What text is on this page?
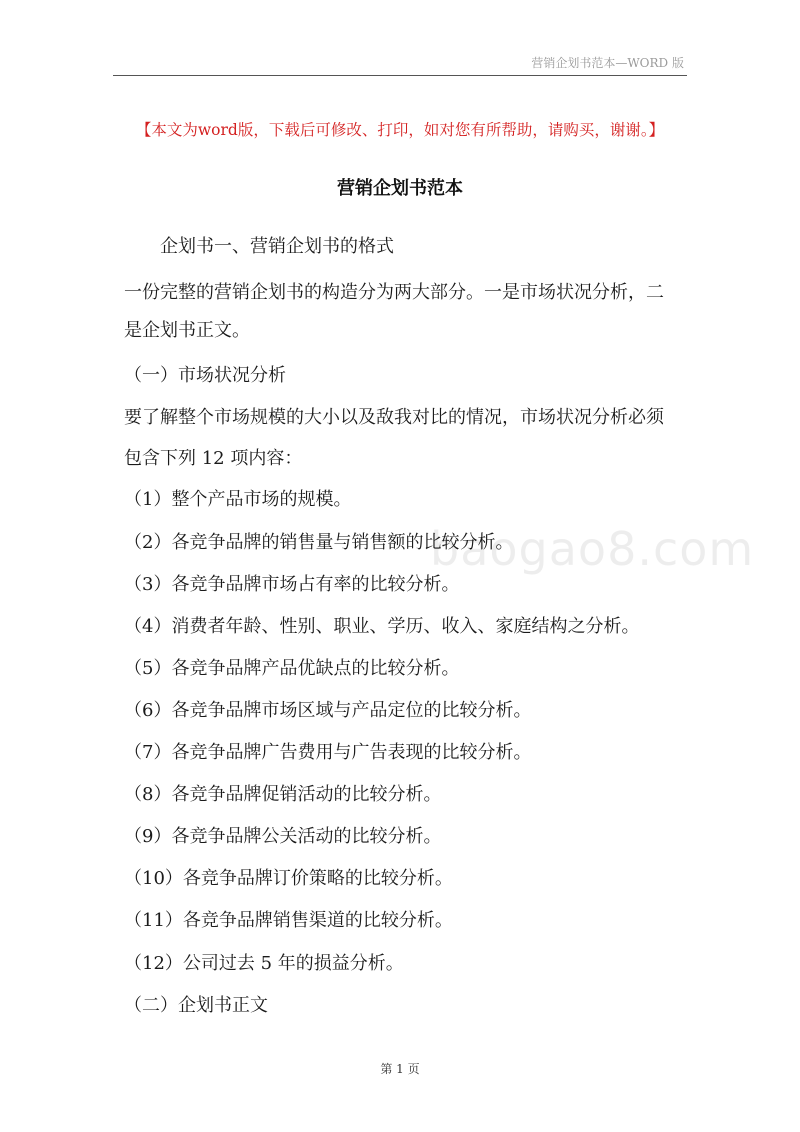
营销企划书范本—WORD 版
【本文为word版，下载后可修改、打印，如对您有所帮助，请购买，谢谢。】
营销企划书范本
企划书一、营销企划书的格式
一份完整的营销企划书的构造分为两大部分。一是市场状况分析，二
是企划书正文。
（一）市场状况分析
要了解整个市场规模的大小以及敌我对比的情况，市场状况分析必须
包含下列 12 项内容：
（1）整个产品市场的规模。
（2）各竞争品牌的销售量与销售额的比较分析。
（3）各竞争品牌市场占有率的比较分析。
（4）消费者年龄、性别、职业、学历、收入、家庭结构之分析。
（5）各竞争品牌产品优缺点的比较分析。
（6）各竞争品牌市场区域与产品定位的比较分析。
（7）各竞争品牌广告费用与广告表现的比较分析。
（8）各竞争品牌促销活动的比较分析。
（9）各竞争品牌公关活动的比较分析。
（10）各竞争品牌订价策略的比较分析。
（11）各竞争品牌销售渠道的比较分析。
（12）公司过去 5 年的损益分析。
（二）企划书正文
baogao8.com
第 1 页
